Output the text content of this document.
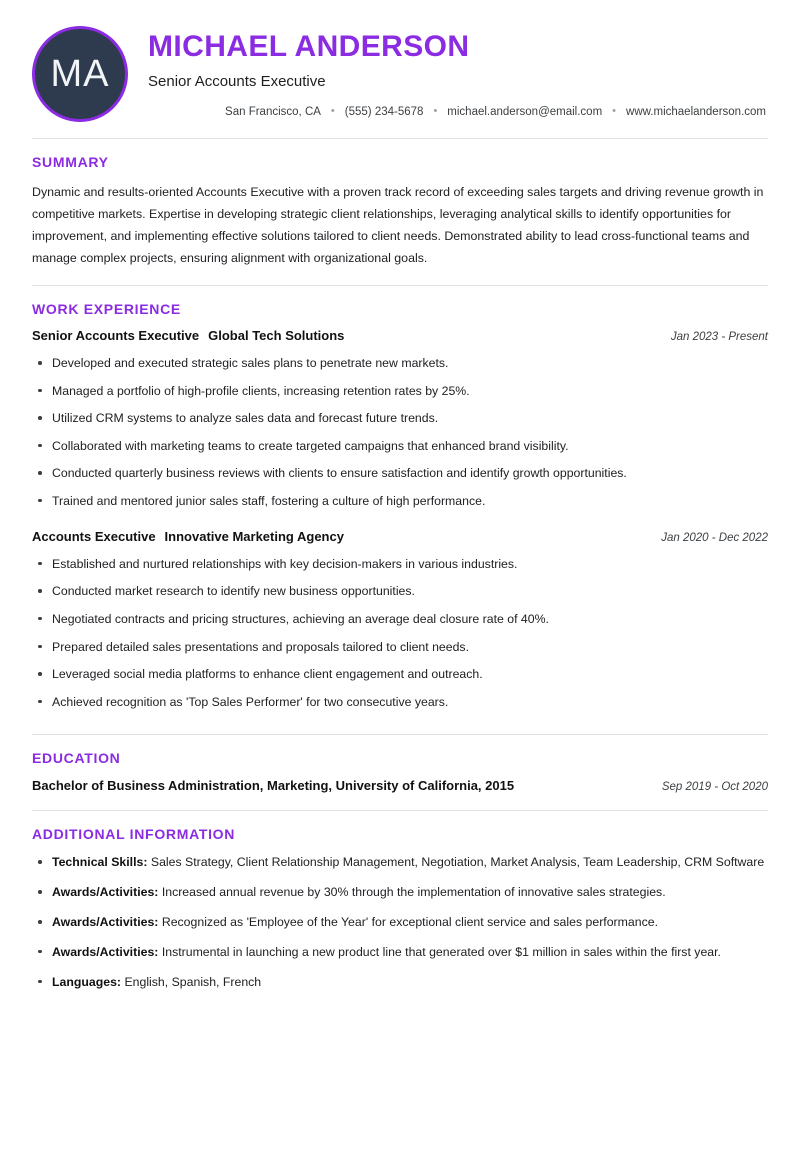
MA
MICHAEL ANDERSON
Senior Accounts Executive
San Francisco, CA • (555) 234-5678 • michael.anderson@email.com • www.michaelanderson.com
SUMMARY

Dynamic and results-oriented Accounts Executive with a proven track record of exceeding sales targets and driving revenue growth in competitive markets. Expertise in developing strategic client relationships, leveraging analytical skills to identify opportunities for improvement, and implementing effective solutions tailored to client needs. Demonstrated ability to lead cross-functional teams and manage complex projects, ensuring alignment with organizational goals.

WORK EXPERIENCE
Senior Accounts Executive Global Tech Solutions	Jan 2023 - Present
Developed and executed strategic sales plans to penetrate new markets.
Managed a portfolio of high-profile clients, increasing retention rates by 25%.
Utilized CRM systems to analyze sales data and forecast future trends.
Collaborated with marketing teams to create targeted campaigns that enhanced brand visibility.
Conducted quarterly business reviews with clients to ensure satisfaction and identify growth opportunities.
Trained and mentored junior sales staff, fostering a culture of high performance.
Accounts Executive Innovative Marketing Agency	Jan 2020 - Dec 2022
Established and nurtured relationships with key decision-makers in various industries.
Conducted market research to identify new business opportunities.
Negotiated contracts and pricing structures, achieving an average deal closure rate of 40%.
Prepared detailed sales presentations and proposals tailored to client needs.
Leveraged social media platforms to enhance client engagement and outreach.
Achieved recognition as 'Top Sales Performer' for two consecutive years.
EDUCATION
Bachelor of Business Administration, Marketing, University of California, 2015	Sep 2019 - Oct 2020
ADDITIONAL INFORMATION
Technical Skills: Sales Strategy, Client Relationship Management, Negotiation, Market Analysis, Team Leadership, CRM Software
Awards/Activities: Increased annual revenue by 30% through the implementation of innovative sales strategies.
Awards/Activities: Recognized as 'Employee of the Year' for exceptional client service and sales performance.
Awards/Activities: Instrumental in launching a new product line that generated over $1 million in sales within the first year.
Languages: English, Spanish, French
